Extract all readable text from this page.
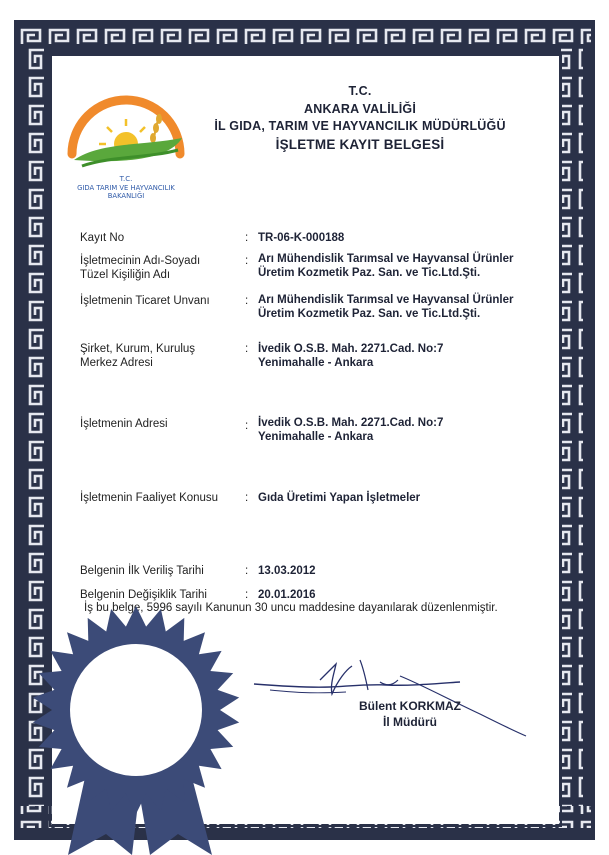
T.C.
GIDA TARIM VE HAYVANCILIK
BAKANLIĞI
T.C.
ANKARA VALİLİĞİ
İL GIDA, TARIM VE HAYVANCILIK MÜDÜRLÜĞÜ
İŞLETME KAYIT BELGESİ
Kayıt No	: TR-06-K-000188
İşletmecinin Adı-Soyadı
Tüzel Kişiliğin Adı
: Arı Mühendislik Tarımsal ve Hayvansal Ürünler
Üretim Kozmetik Paz. San. ve Tic.Ltd.Şti.
İşletmenin Ticaret Unvanı	: Arı Mühendislik Tarımsal ve Hayvansal Ürünler
Üretim Kozmetik Paz. San. ve Tic.Ltd.Şti.
Şirket, Kurum, Kuruluş
Merkez Adresi
: İvedik O.S.B. Mah. 2271.Cad. No:7
Yenimahalle - Ankara
İşletmenin Adresi	: İvedik O.S.B. Mah. 2271.Cad. No:7
Yenimahalle - Ankara
İşletmenin Faaliyet Konusu	: Gıda Üretimi Yapan İşletmeler
Belgenin İlk Veriliş Tarihi	: 13.03.2012
Belgenin Değişiklik Tarihi	: 20.01.2016
İş bu belge, 5996 sayılı Kanunun 30 uncu maddesine dayanılarak düzenlenmiştir.
Bülent KORKMAZ
İl Müdürü
